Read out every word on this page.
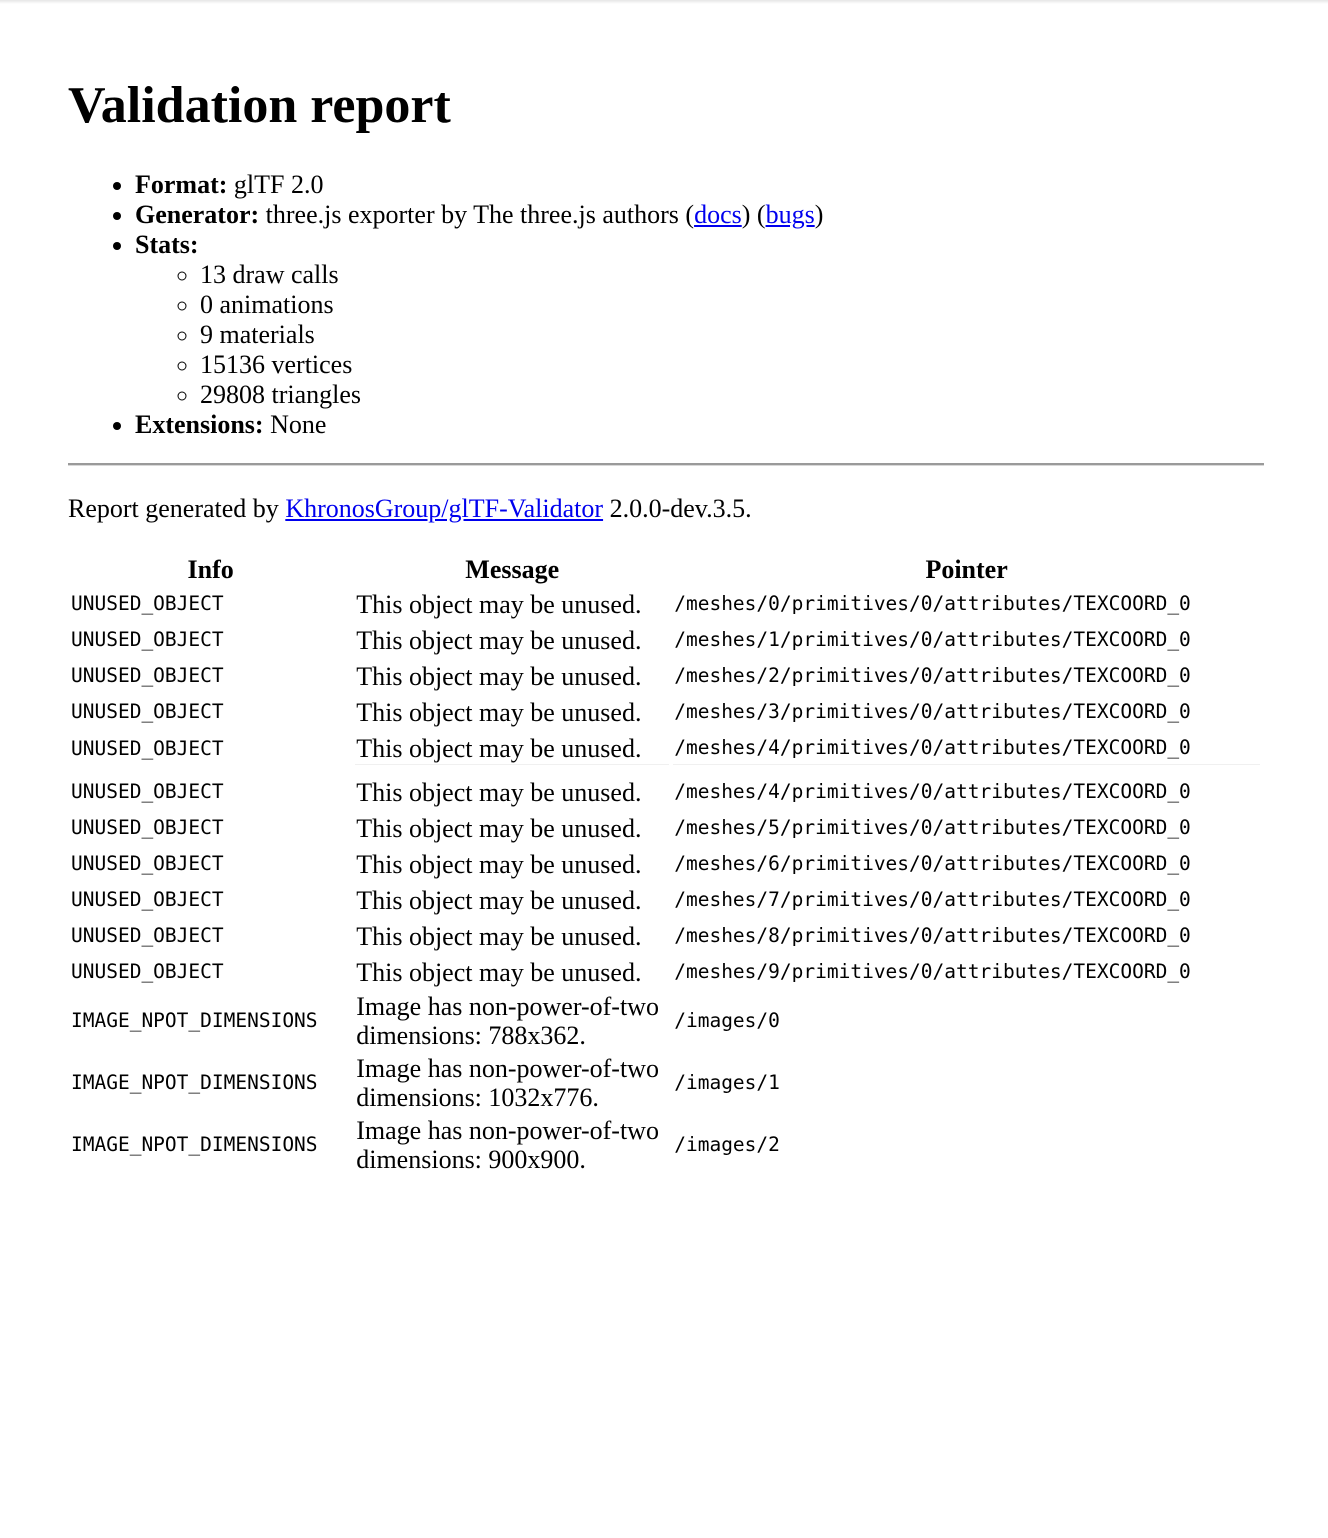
Validation report
• Format: glTF 2.0
• Generator: three.js exporter by The three.js authors (docs) (bugs)
• Stats:
◦ 13 draw calls
◦ 0 animations
◦ 9 materials
◦ 15136 vertices
◦ 29808 triangles
• Extensions: None

Report generated by KhronosGroup/glTF-Validator 2.0.0-dev.3.5.

Info	Message	Pointer
UNUSED_OBJECT	This object may be unused.	/meshes/0/primitives/0/attributes/TEXCOORD_0
UNUSED_OBJECT	This object may be unused.	/meshes/1/primitives/0/attributes/TEXCOORD_0
UNUSED_OBJECT	This object may be unused.	/meshes/2/primitives/0/attributes/TEXCOORD_0
UNUSED_OBJECT	This object may be unused.	/meshes/3/primitives/0/attributes/TEXCOORD_0
UNUSED_OBJECT	This object may be unused.	/meshes/4/primitives/0/attributes/TEXCOORD_0

UNUSED_OBJECT	This object may be unused.	/meshes/4/primitives/0/attributes/TEXCOORD_0
UNUSED_OBJECT	This object may be unused.	/meshes/5/primitives/0/attributes/TEXCOORD_0
UNUSED_OBJECT	This object may be unused.	/meshes/6/primitives/0/attributes/TEXCOORD_0
UNUSED_OBJECT	This object may be unused.	/meshes/7/primitives/0/attributes/TEXCOORD_0
UNUSED_OBJECT	This object may be unused.	/meshes/8/primitives/0/attributes/TEXCOORD_0
UNUSED_OBJECT	This object may be unused.	/meshes/9/primitives/0/attributes/TEXCOORD_0
IMAGE_NPOT_DIMENSIONS	Image has non-power-of-two dimensions: 788x362.	/images/0
IMAGE_NPOT_DIMENSIONS	Image has non-power-of-two dimensions: 1032x776.	/images/1
IMAGE_NPOT_DIMENSIONS	Image has non-power-of-two dimensions: 900x900.	/images/2
